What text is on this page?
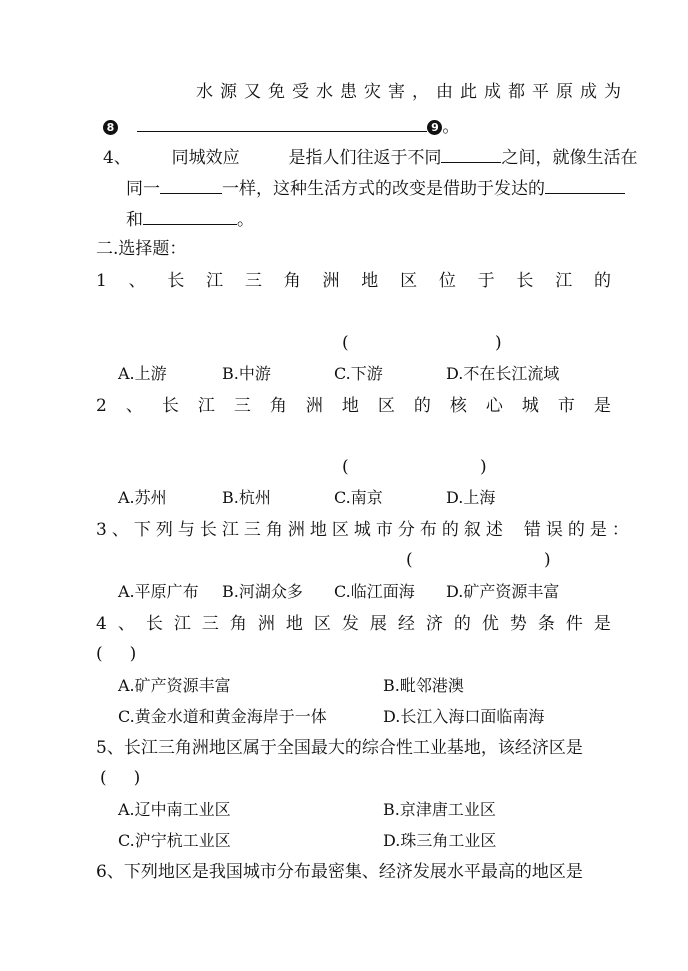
水源又免受水患灾害，由此成都平原成为
8	9 。
4、 同城效应	是指人们往返于不同	之间，就像生活在
同一	一样，这种生活方式的改变是借助于发达的
和	。
二.选择题：
1 、 长 江 三 角 洲 地 区 位 于 长 江 的
(	)
A.上游	B.中游	C.下游	D.不在长江流域
2 、 长 江 三 角 洲 地 区 的 核 心 城 市 是
(	)
A.苏州	B.杭州	C.南京	D.上海
3、下列与长江三角洲地区城市分布的叙述 错误的是：
(	)
A.平原广布 B.河湖众多 C.临江面海 D.矿产资源丰富
4 、 长 江 三 角 洲 地 区 发 展 经 济 的 优 势 条 件 是
(     )
A.矿产资源丰富	B.毗邻港澳
C.黄金水道和黄金海岸于一体	D.长江入海口面临南海
5、长江三角洲地区属于全国最大的综合性工业基地，该经济区是
(     )
A.辽中南工业区	B.京津唐工业区
C.沪宁杭工业区	D.珠三角工业区
6、下列地区是我国城市分布最密集、经济发展水平最高的地区是
